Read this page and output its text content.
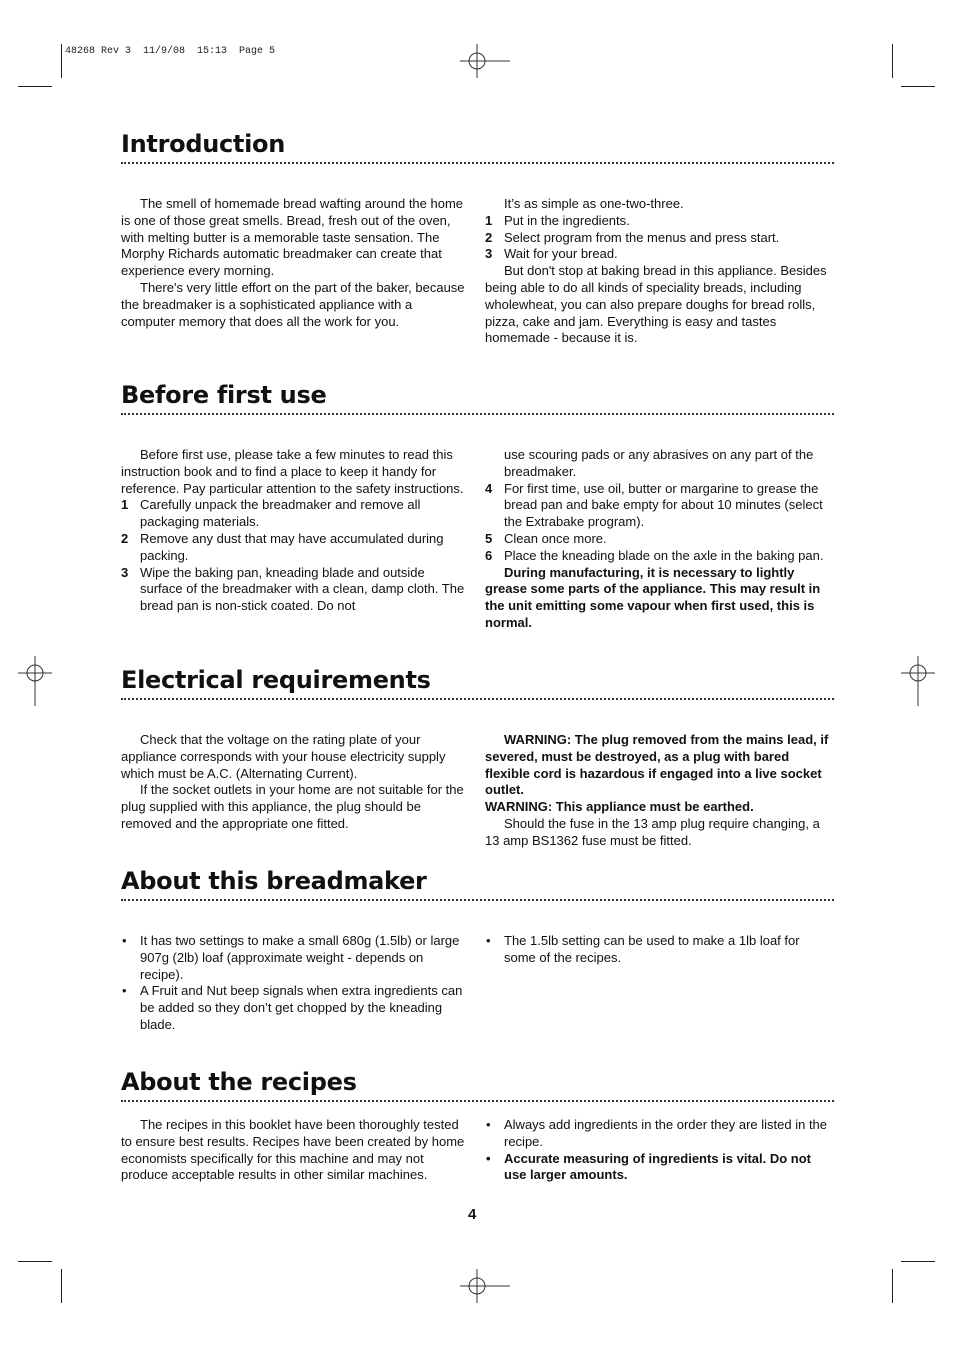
48268 Rev 3  11/9/08  15:13  Page 5
Introduction

The smell of homemade bread wafting around the home is one of those great smells. Bread, fresh out of the oven, with melting butter is a memorable taste sensation. The Morphy Richards automatic breadmaker can create that experience every morning.

There's very little effort on the part of the baker, because the breadmaker is a sophisticated appliance with a computer memory that does all the work for you.

It’s as simple as one-two-three.

1 Put in the ingredients.

2 Select program from the menus and press start.

3 Wait for your bread.

But don't stop at baking bread in this appliance. Besides being able to do all kinds of speciality breads, including wholewheat, you can also prepare doughs for bread rolls, pizza, cake and jam. Everything is easy and tastes homemade - because it is.

Before first use

Before first use, please take a few minutes to read this instruction book and to find a place to keep it handy for reference. Pay particular attention to the safety instructions.

1 Carefully unpack the breadmaker and remove all packaging materials.

2 Remove any dust that may have accumulated during packing.

3 Wipe the baking pan, kneading blade and outside surface of the breadmaker with a clean, damp cloth. The bread pan is non-stick coated. Do not

use scouring pads or any abrasives on any part of the breadmaker.

4 For first time, use oil, butter or margarine to grease the bread pan and bake empty for about 10 minutes (select the Extrabake program).

5 Clean once more.

6 Place the kneading blade on the axle in the baking pan.

During manufacturing, it is necessary to lightly grease some parts of the appliance. This may result in the unit emitting some vapour when first used, this is normal.

Electrical requirements

Check that the voltage on the rating plate of your appliance corresponds with your house electricity supply which must be A.C. (Alternating Current).

If the socket outlets in your home are not suitable for the plug supplied with this appliance, the plug should be removed and the appropriate one fitted.

WARNING: The plug removed from the mains lead, if severed, must be destroyed, as a plug with bared flexible cord is hazardous if engaged into a live socket outlet.

WARNING: This appliance must be earthed.

Should the fuse in the 13 amp plug require changing, a 13 amp BS1362 fuse must be fitted.

About this breadmaker

• It has two settings to make a small 680g (1.5lb) or large 907g (2lb) loaf (approximate weight - depends on recipe).

• A Fruit and Nut beep signals when extra ingredients can be added so they don’t get chopped by the kneading blade.

• The 1.5lb setting can be used to make a 1lb loaf for some of the recipes.

About the recipes

The recipes in this booklet have been thoroughly tested to ensure best results. Recipes have been created by home economists specifically for this machine and may not produce acceptable results in other similar machines.

• Always add ingredients in the order they are listed in the recipe.

• Accurate measuring of ingredients is vital. Do not use larger amounts.

4
